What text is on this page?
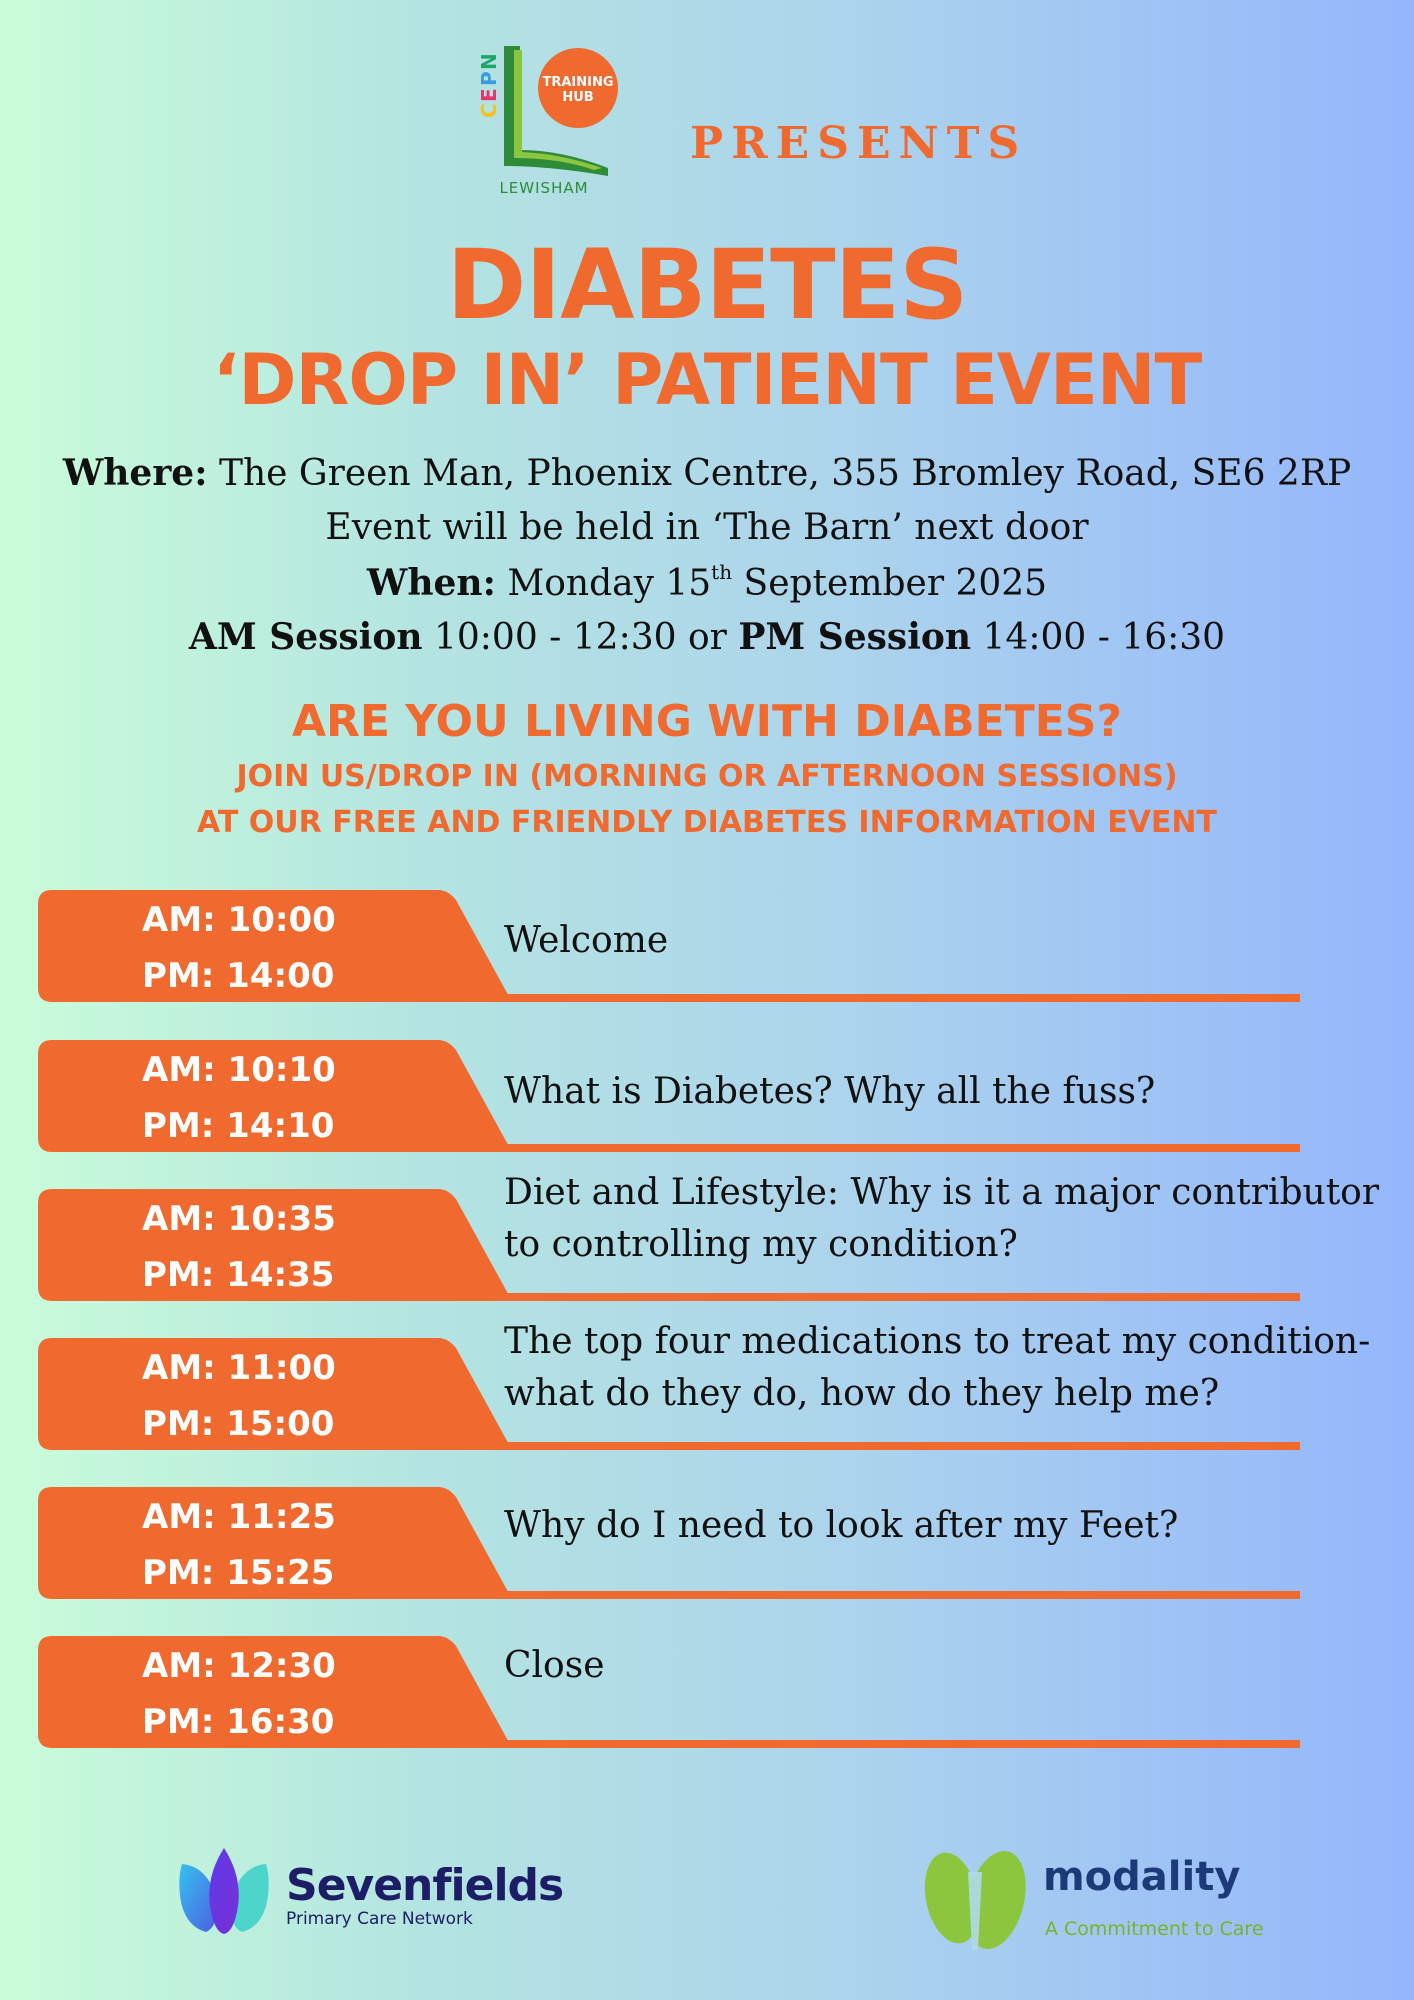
TRAINING
HUB
C
E
P
N
LEWISHAM
PRESENTS
DIABETES
‘DROP IN’ PATIENT EVENT
Where: The Green Man, Phoenix Centre, 355 Bromley Road, SE6 2RP
Event will be held in ‘The Barn’ next door
When: Monday 15th September 2025
AM Session 10:00 - 12:30 or PM Session 14:00 - 16:30
ARE YOU LIVING WITH DIABETES?
JOIN US/DROP IN (MORNING OR AFTERNOON SESSIONS)
AT OUR FREE AND FRIENDLY DIABETES INFORMATION EVENT
AM: 10:00
PM: 14:00
Welcome
AM: 10:10
PM: 14:10
What is Diabetes? Why all the fuss?
AM: 10:35
PM: 14:35
Diet and Lifestyle: Why is it a major contributor to controlling my condition?
AM: 11:00
PM: 15:00
The top four medications to treat my condition- what do they do, how do they help me?
AM: 11:25
PM: 15:25
Why do I need to look after my Feet?
AM: 12:30
PM: 16:30
Close
Sevenfields
Primary Care Network
modality
A Commitment to Care
